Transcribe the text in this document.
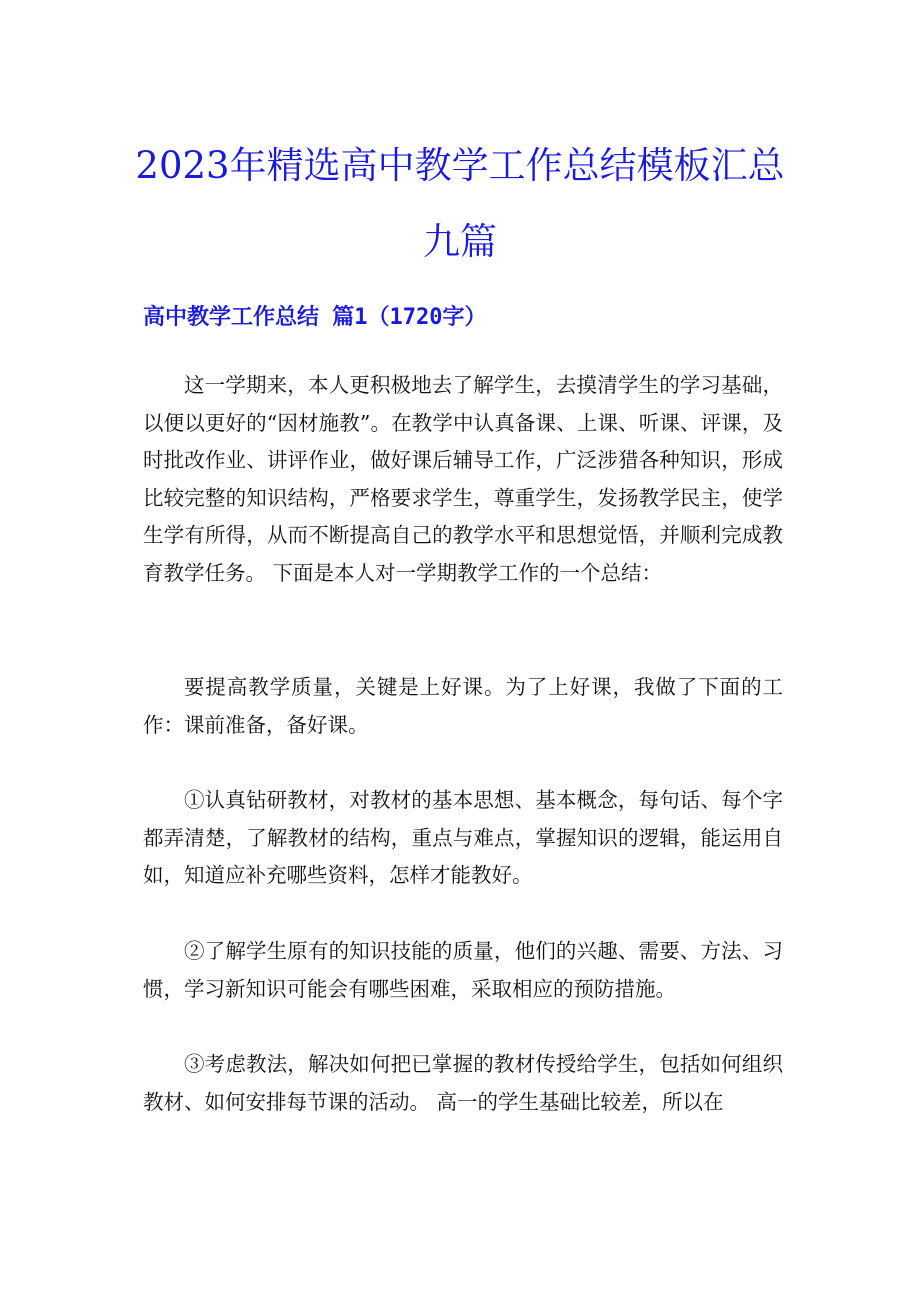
2023年精选高中教学工作总结模板汇总九篇
高中教学工作总结 篇1（1720字）

这一学期来，本人更积极地去了解学生，去摸清学生的学习基础，以便以更好的“因材施教”。在教学中认真备课、上课、听课、评课，及时批改作业、讲评作业，做好课后辅导工作，广泛涉猎各种知识，形成比较完整的知识结构，严格要求学生，尊重学生，发扬教学民主，使学生学有所得，从而不断提高自己的教学水平和思想觉悟，并顺利完成教育教学任务。 下面是本人对一学期教学工作的一个总结：

要提高教学质量，关键是上好课。为了上好课，我做了下面的工作：课前准备，备好课。

①认真钻研教材，对教材的基本思想、基本概念，每句话、每个字都弄清楚，了解教材的结构，重点与难点，掌握知识的逻辑，能运用自如，知道应补充哪些资料，怎样才能教好。

②了解学生原有的知识技能的质量，他们的兴趣、需要、方法、习惯，学习新知识可能会有哪些困难，采取相应的预防措施。

③考虑教法，解决如何把已掌握的教材传授给学生，包括如何组织教材、如何安排每节课的活动。 高一的学生基础比较差，所以在
